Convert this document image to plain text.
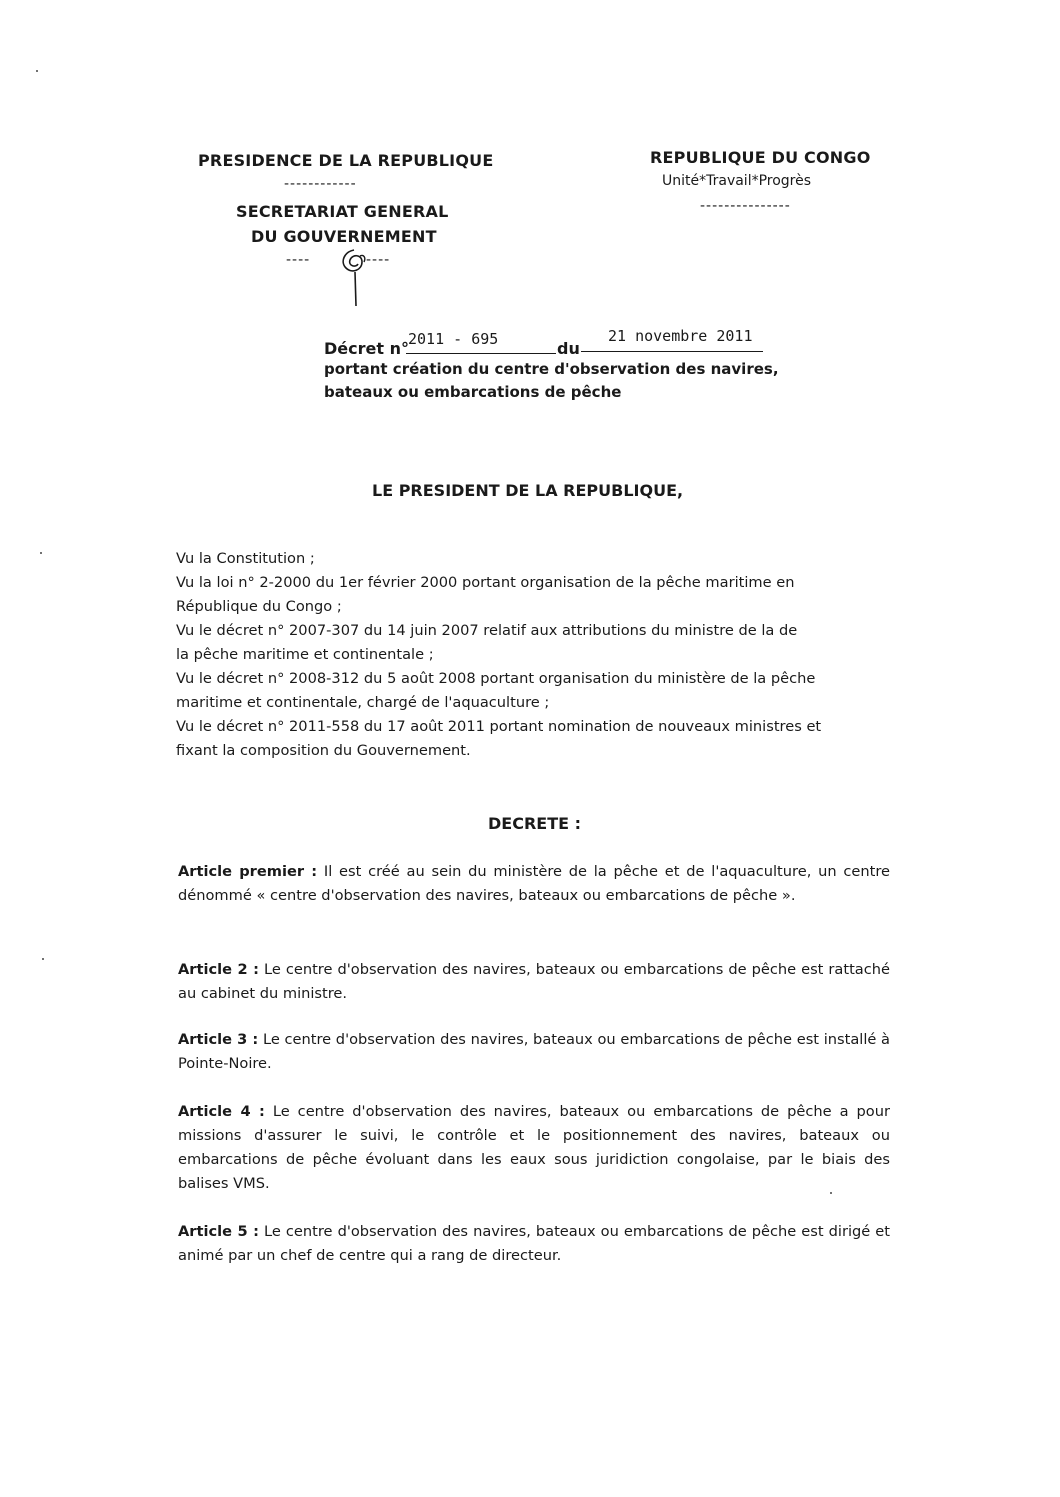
PRESIDENCE DE LA REPUBLIQUE
------------
SECRETARIAT GENERAL
DU GOUVERNEMENT
----	----
REPUBLIQUE DU CONGO
Unité*Travail*Progrès
---------------
Décret n° 2011 - 695	du
21 novembre 2011
portant création du centre d'observation des navires,
bateaux ou embarcations de pêche
LE PRESIDENT DE LA REPUBLIQUE,
Vu la Constitution ;
Vu la loi n° 2-2000 du 1er février 2000 portant organisation de la pêche maritime en
République du Congo ;
Vu le décret n° 2007-307 du 14 juin 2007 relatif aux attributions du ministre de la de
la pêche maritime et continentale ;
Vu le décret n° 2008-312 du 5 août 2008 portant organisation du ministère de la pêche
maritime et continentale, chargé de l'aquaculture ;
Vu le décret n° 2011-558 du 17 août 2011 portant nomination de nouveaux ministres et
fixant la composition du Gouvernement.
DECRETE :
Article premier : Il est créé au sein du ministère de la pêche et de l'aquaculture, un centre dénommé « centre d'observation des navires, bateaux ou embarcations de pêche ».
Article 2 : Le centre d'observation des navires, bateaux ou embarcations de pêche est rattaché au cabinet du ministre.
Article 3 : Le centre d'observation des navires, bateaux ou embarcations de pêche est installé à Pointe-Noire.
Article 4 : Le centre d'observation des navires, bateaux ou embarcations de pêche a pour missions d'assurer le suivi, le contrôle et le positionnement des navires, bateaux ou embarcations de pêche évoluant dans les eaux sous juridiction congolaise, par le biais des balises VMS.
Article 5 : Le centre d'observation des navires, bateaux ou embarcations de pêche est dirigé et animé par un chef de centre qui a rang de directeur.
